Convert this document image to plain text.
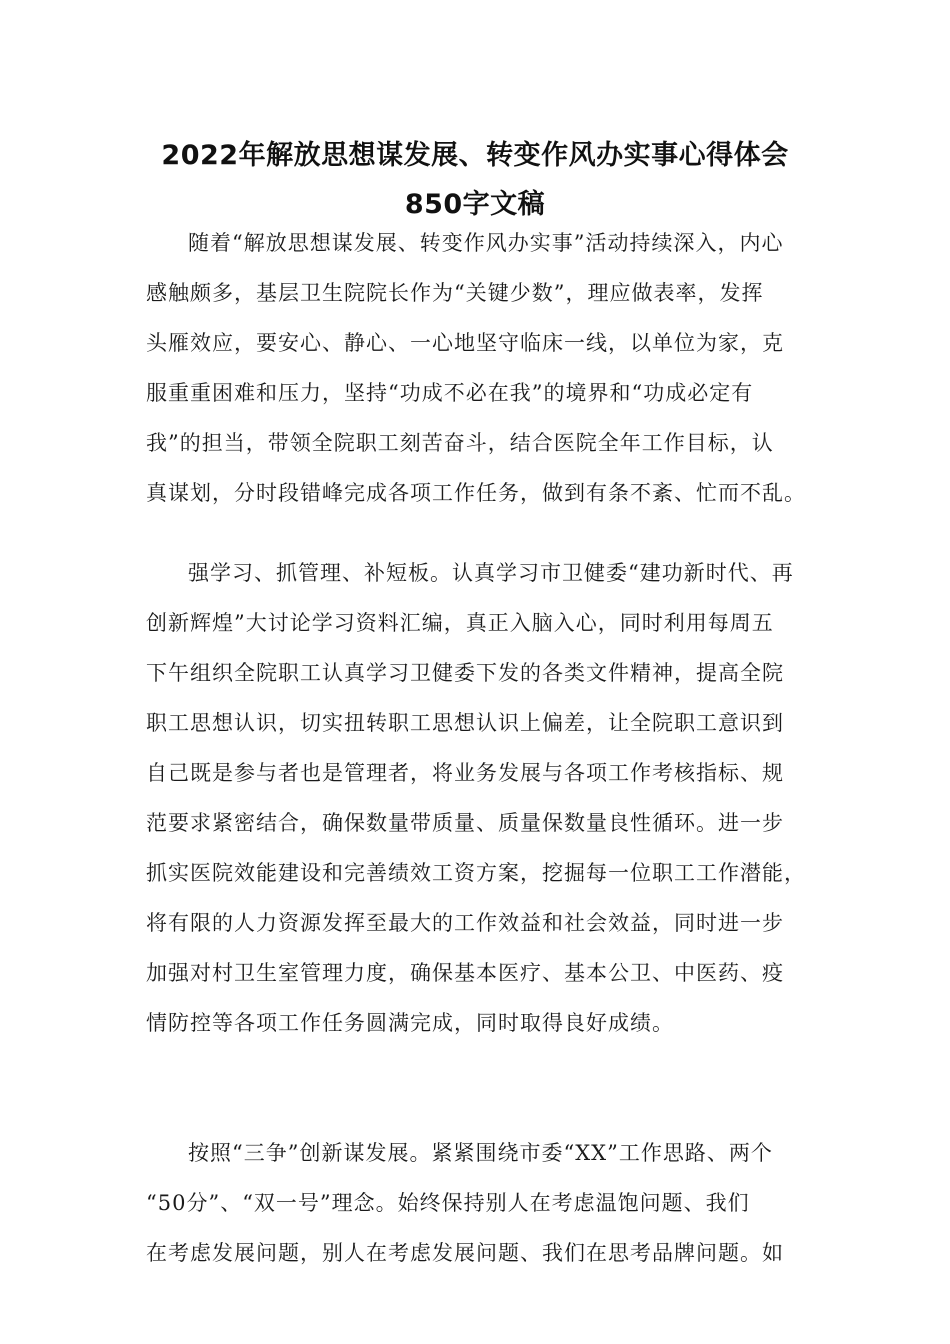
2022年解放思想谋发展、转变作风办实事心得体会
850字文稿
随着“解放思想谋发展、转变作风办实事”活动持续深入，内心
感触颇多，基层卫生院院长作为“关键少数”，理应做表率，发挥
头雁效应，要安心、静心、一心地坚守临床一线，以单位为家，克
服重重困难和压力，坚持“功成不必在我”的境界和“功成必定有
我”的担当，带领全院职工刻苦奋斗，结合医院全年工作目标，认
真谋划，分时段错峰完成各项工作任务，做到有条不紊、忙而不乱。
强学习、抓管理、补短板。认真学习市卫健委“建功新时代、再
创新辉煌”大讨论学习资料汇编，真正入脑入心，同时利用每周五
下午组织全院职工认真学习卫健委下发的各类文件精神，提高全院
职工思想认识，切实扭转职工思想认识上偏差，让全院职工意识到
自己既是参与者也是管理者，将业务发展与各项工作考核指标、规
范要求紧密结合，确保数量带质量、质量保数量良性循环。进一步
抓实医院效能建设和完善绩效工资方案，挖掘每一位职工工作潜能，
将有限的人力资源发挥至最大的工作效益和社会效益，同时进一步
加强对村卫生室管理力度，确保基本医疗、基本公卫、中医药、疫
情防控等各项工作任务圆满完成，同时取得良好成绩。
按照“三争”创新谋发展。紧紧围绕市委“XX”工作思路、两个
“50分”、“双一号”理念。始终保持别人在考虑温饱问题、我们
在考虑发展问题，别人在考虑发展问题、我们在思考品牌问题。如
